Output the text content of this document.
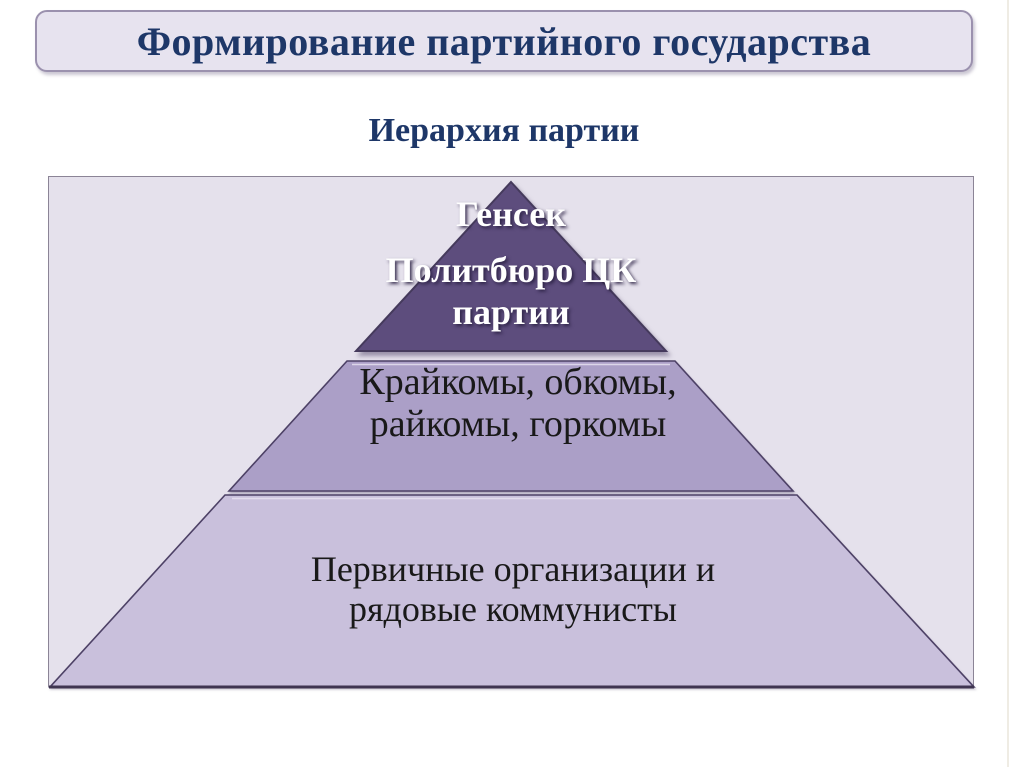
Формирование партийного государства
Иерархия партии
Генсек
Политбюро ЦК
партии
Крайкомы, обкомы,
райкомы, горкомы
Первичные организации и
рядовые коммунисты
